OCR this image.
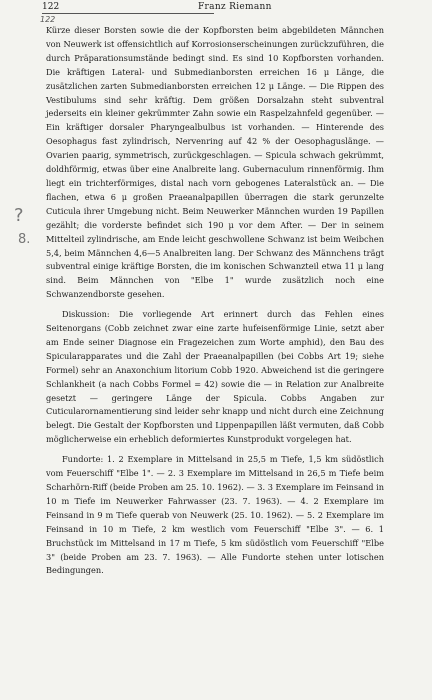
122
122
Franz Riemann
?
8.

Kürze dieser Borsten sowie die der Kopfborsten beim abgebildeten Männchen von Neuwerk ist offensichtlich auf Korrosionserscheinungen zurückzuführen, die durch Präparationsumstände bedingt sind. Es sind 10 Kopfborsten vorhanden. Die kräftigen Lateral- und Submedianborsten erreichen 16 μ Länge, die zusätzlichen zarten Submedianborsten erreichen 12 μ Länge. — Die Rippen des Vestibulums sind sehr kräftig. Dem größen Dorsalzahn steht subventral jederseits ein kleiner gekrümmter Zahn sowie ein Raspelzahnfeld gegenüber. — Ein kräftiger dorsaler Pharyngealbulbus ist vorhanden. — Hinterende des Oesophagus fast zylindrisch, Nervenring auf 42 % der Oesophaguslänge. — Ovarien paarig, symmetrisch, zurückgeschlagen. — Spicula schwach gekrümmt, doldhförmig, etwas über eine Analbreite lang. Gubernaculum rinnenförmig. Ihm liegt ein trichterförmiges, distal nach vorn gebogenes Lateralstück an. — Die flachen, etwa 6 μ großen Praeanalpapillen überragen die stark gerunzelte Cuticula ihrer Umgebung nicht. Beim Neuwerker Männchen wurden 19 Papillen gezählt; die vorderste befindet sich 190 μ vor dem After. — Der in seinem Mittelteil zylindrische, am Ende leicht geschwollene Schwanz ist beim Weibchen 5,4, beim Männchen 4,6—5 Analbreiten lang. Der Schwanz des Männchens trägt subventral einige kräftige Borsten, die im konischen Schwanzteil etwa 11 μ lang sind. Beim Männchen von "Elbe 1" wurde zusätzlich noch eine Schwanzendborste gesehen.

Diskussion: Die vorliegende Art erinnert durch das Fehlen eines Seitenorgans (Cobb zeichnet zwar eine zarte hufeisenförmige Linie, setzt aber am Ende seiner Diagnose ein Fragezeichen zum Worte amphid), den Bau des Spicularapparates und die Zahl der Praeanalpapillen (bei Cobbs Art 19; siehe Formel) sehr an Anaxonchium litorium Cobb 1920. Abweichend ist die geringere Schlankheit (a nach Cobbs Formel = 42) sowie die — in Relation zur Analbreite gesetzt — geringere Länge der Spicula. Cobbs Angaben zur Cuticularornamentierung sind leider sehr knapp und nicht durch eine Zeichnung belegt. Die Gestalt der Kopfborsten und Lippenpapillen läßt vermuten, daß Cobb möglicherweise ein erheblich deformiertes Kunstprodukt vorgelegen hat.

Fundorte: 1. 2 Exemplare in Mittelsand in 25,5 m Tiefe, 1,5 km südöstlich vom Feuerschiff "Elbe 1". — 2. 3 Exemplare im Mittelsand in 26,5 m Tiefe beim Scharhörn-Riff (beide Proben am 25. 10. 1962). — 3. 3 Exemplare im Feinsand in 10 m Tiefe im Neuwerker Fahrwasser (23. 7. 1963). — 4. 2 Exemplare im Feinsand in 9 m Tiefe querab von Neuwerk (25. 10. 1962). — 5. 2 Exemplare im Feinsand in 10 m Tiefe, 2 km westlich vom Feuerschiff "Elbe 3". — 6. 1 Bruchstück im Mittelsand in 17 m Tiefe, 5 km südöstlich vom Feuerschiff "Elbe 3" (beide Proben am 23. 7. 1963). — Alle Fundorte stehen unter lotischen Bedingungen.
